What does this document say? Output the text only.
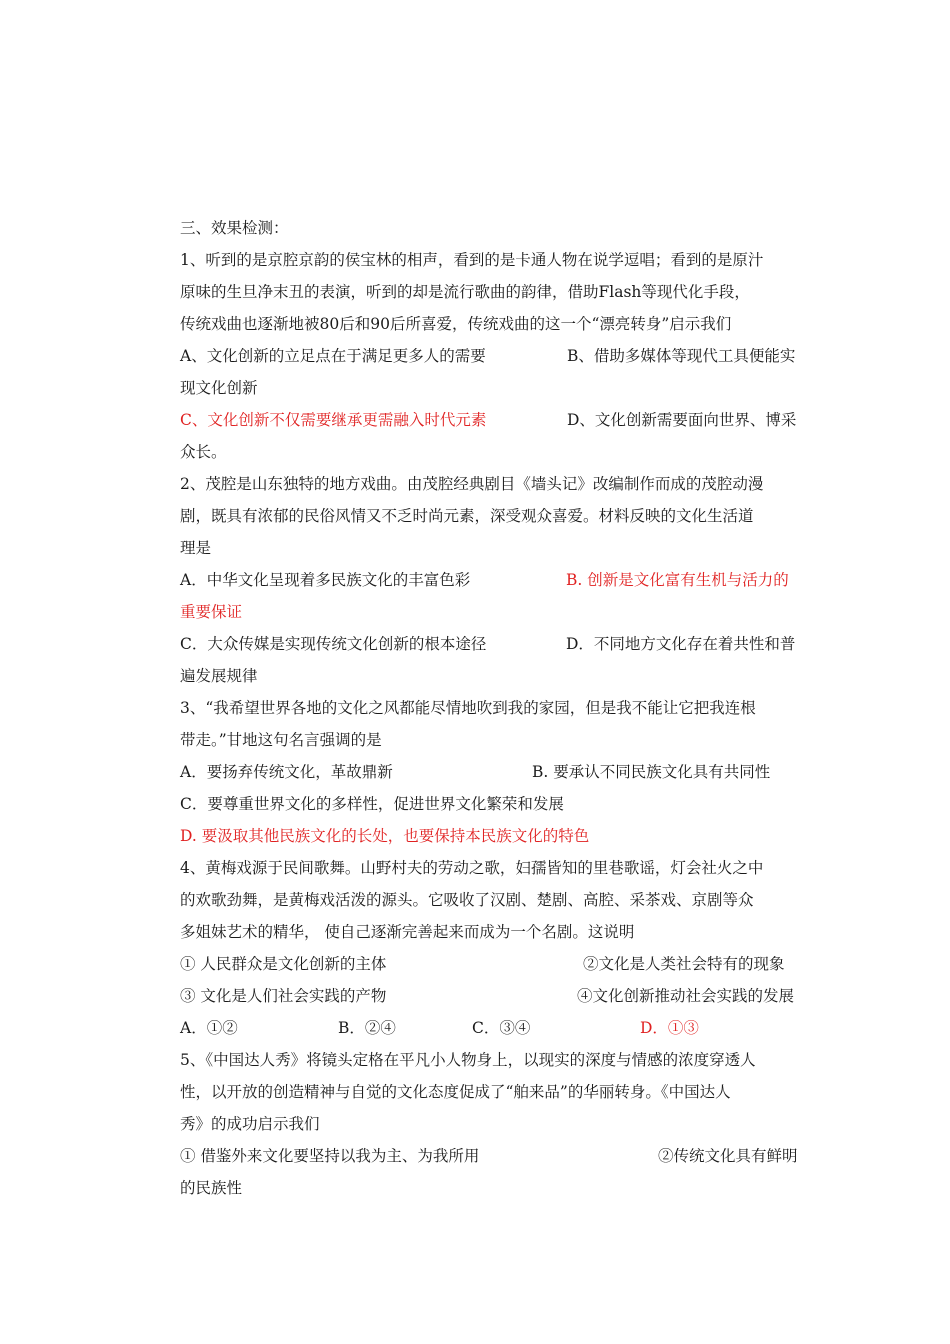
三、效果检测：
1、听到的是京腔京韵的侯宝林的相声，看到的是卡通人物在说学逗唱；看到的是原汁
原味的生旦净末丑的表演，听到的却是流行歌曲的韵律，借助Flash等现代化手段，
传统戏曲也逐渐地被80后和90后所喜爱，传统戏曲的这一个“漂亮转身”启示我们
A、文化创新的立足点在于满足更多人的需要	B、借助多媒体等现代工具便能实
现文化创新
C、文化创新不仅需要继承更需融入时代元素	D、文化创新需要面向世界、博采
众长。
2、茂腔是山东独特的地方戏曲。由茂腔经典剧目《墙头记》改编制作而成的茂腔动漫
剧，既具有浓郁的民俗风情又不乏时尚元素，深受观众喜爱。材料反映的文化生活道
理是
A．中华文化呈现着多民族文化的丰富色彩	B. 创新是文化富有生机与活力的
重要保证
C．大众传媒是实现传统文化创新的根本途径	D．不同地方文化存在着共性和普
遍发展规律
3、“我希望世界各地的文化之风都能尽情地吹到我的家园，但是我不能让它把我连根
带走。”甘地这句名言强调的是
A．要扬弃传统文化，革故鼎新	B. 要承认不同民族文化具有共同性
C．要尊重世界文化的多样性，促进世界文化繁荣和发展
D. 要汲取其他民族文化的长处，也要保持本民族文化的特色
4、黄梅戏源于民间歌舞。山野村夫的劳动之歌，妇孺皆知的里巷歌谣，灯会社火之中
的欢歌劲舞，是黄梅戏活泼的源头。它吸收了汉剧、楚剧、高腔、采茶戏、京剧等众
多姐妹艺术的精华， 使自己逐渐完善起来而成为一个名剧。这说明
① 人民群众是文化创新的主体	②文化是人类社会特有的现象
③ 文化是人们社会实践的产物	④文化创新推动社会实践的发展
A．①②	B．②④	C．③④	D．①③
5、《中国达人秀》将镜头定格在平凡小人物身上，以现实的深度与情感的浓度穿透人
性，以开放的创造精神与自觉的文化态度促成了“舶来品”的华丽转身。《中国达人
秀》的成功启示我们
① 借鉴外来文化要坚持以我为主、为我所用	②传统文化具有鲜明
的民族性
